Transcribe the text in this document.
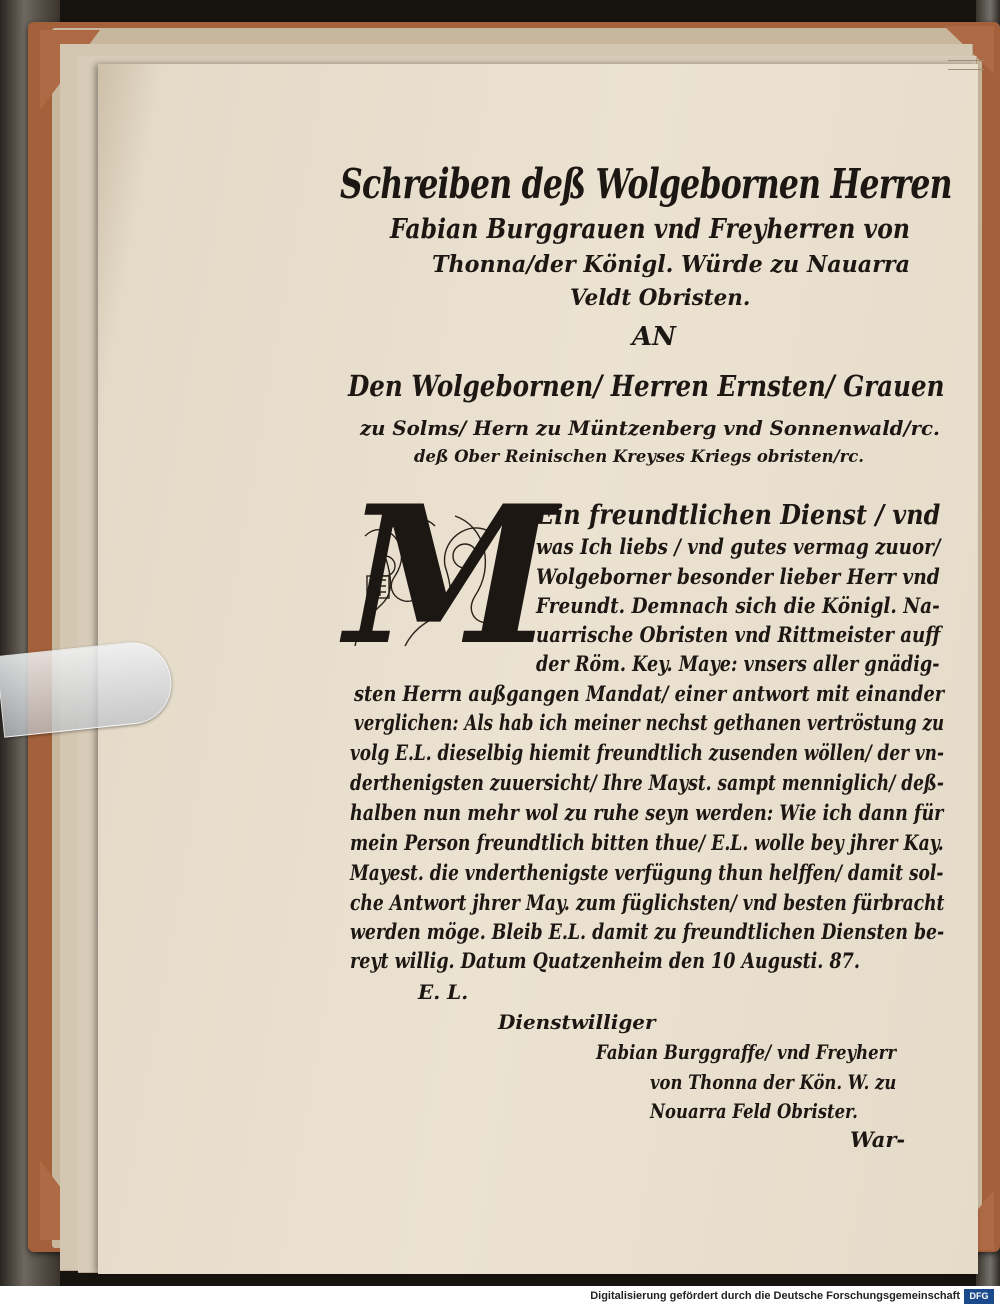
Schreiben deß Wolgebornen Herren
Fabian Burggrauen vnd Freyherren von
Thonna/der Königl. Würde zu Nauarra
Veldt Obristen.
AN
Den Wolgebornen/ Herren Ernsten/ Grauen
zu Solms/ Hern zu Müntzenberg vnd Sonnenwald/rc.
deß Ober Reinischen Kreyses Kriegs obristen/rc.
M
E. L.
Dienstwilliger
Fabian Burggraffe/ vnd Freyherr
von Thonna der Kön. W. zu
Nouarra Feld Obrister.
War-
Ein freundtlichen Dienst / vnd
was Ich liebs / vnd gutes vermag zuuor/
Wolgeborner besonder lieber Herr vnd
Freundt. Demnach sich die Königl. Na-
uarrische Obristen vnd Rittmeister auff
der Röm. Key. Maye: vnsers aller gnädig-
sten Herrn außgangen Mandat/ einer antwort mit einander
verglichen: Als hab ich meiner nechst gethanen vertröstung zu
volg E.L. dieselbig hiemit freundtlich zusenden wöllen/ der vn-
derthenigsten zuuersicht/ Ihre Mayst. sampt menniglich/ deß-
halben nun mehr wol zu ruhe seyn werden: Wie ich dann für
mein Person freundtlich bitten thue/ E.L. wolle bey jhrer Kay.
Mayest. die vnderthenigste verfügung thun helffen/ damit sol-
che Antwort jhrer May. zum füglichsten/ vnd besten fürbracht
werden möge. Bleib E.L. damit zu freundtlichen Diensten be-
reyt willig. Datum Quatzenheim den 10 Augusti. 87.
Digitalisierung gefördert durch die Deutsche Forschungsgemeinschaft	DFG
